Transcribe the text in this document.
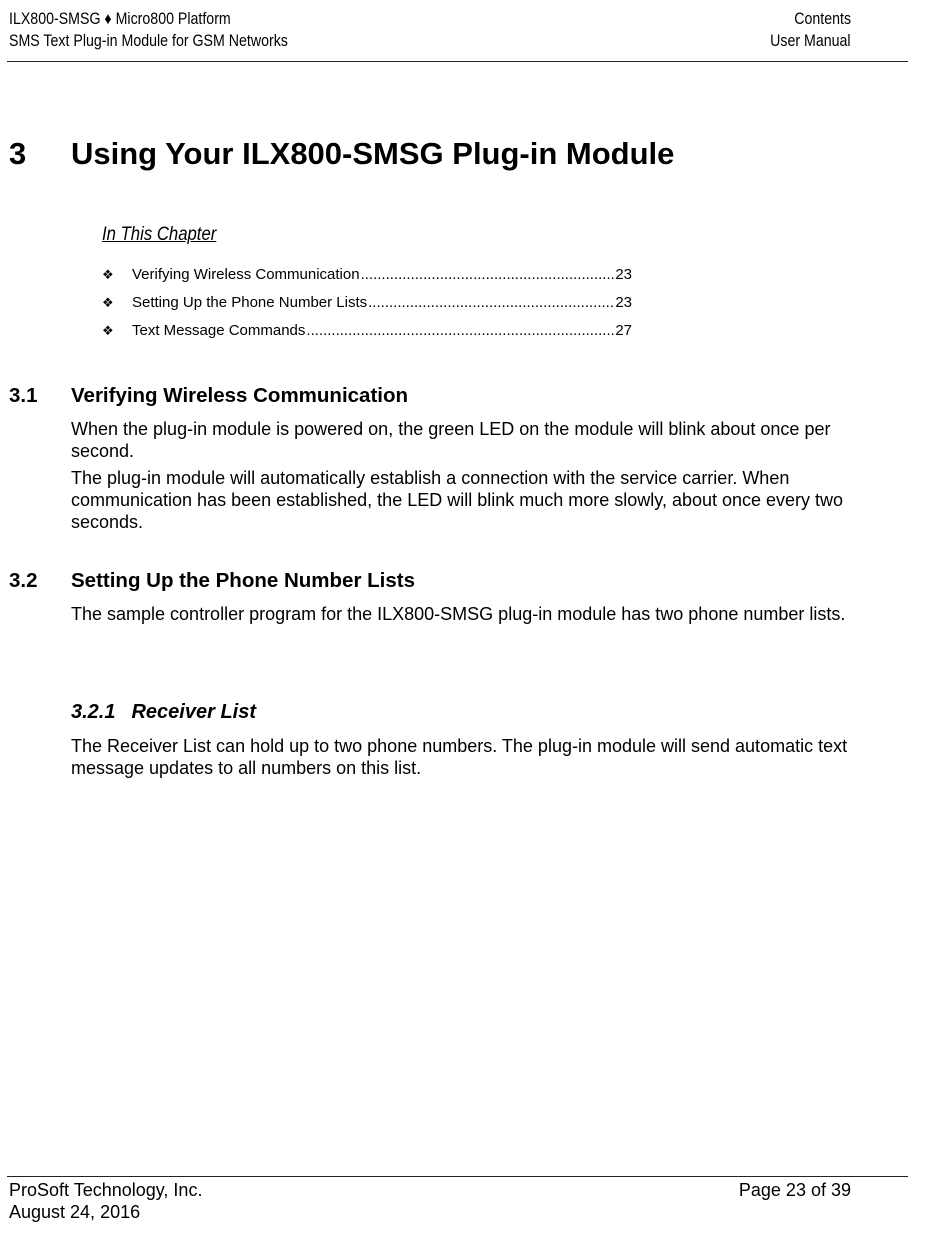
ILX800-SMSG ♦ Micro800 Platform
SMS Text Plug-in Module for GSM Networks
Contents
User Manual
3 Using Your ILX800-SMSG Plug-in Module
In This Chapter
❖	Verifying Wireless Communication .....	23
❖	Setting Up the Phone Number Lists .....	23
❖	Text Message Commands .....	27
3.1 Verifying Wireless Communication

When the plug-in module is powered on, the green LED on the module will blink about once per second.

The plug-in module will automatically establish a connection with the service carrier. When communication has been established, the LED will blink much more slowly, about once every two seconds.

3.2 Setting Up the Phone Number Lists

The sample controller program for the ILX800-SMSG plug-in module has two phone number lists.

3.2.1 Receiver List

The Receiver List can hold up to two phone numbers. The plug-in module will send automatic text message updates to all numbers on this list.

ProSoft Technology, Inc.
August 24, 2016
Page 23 of 39
